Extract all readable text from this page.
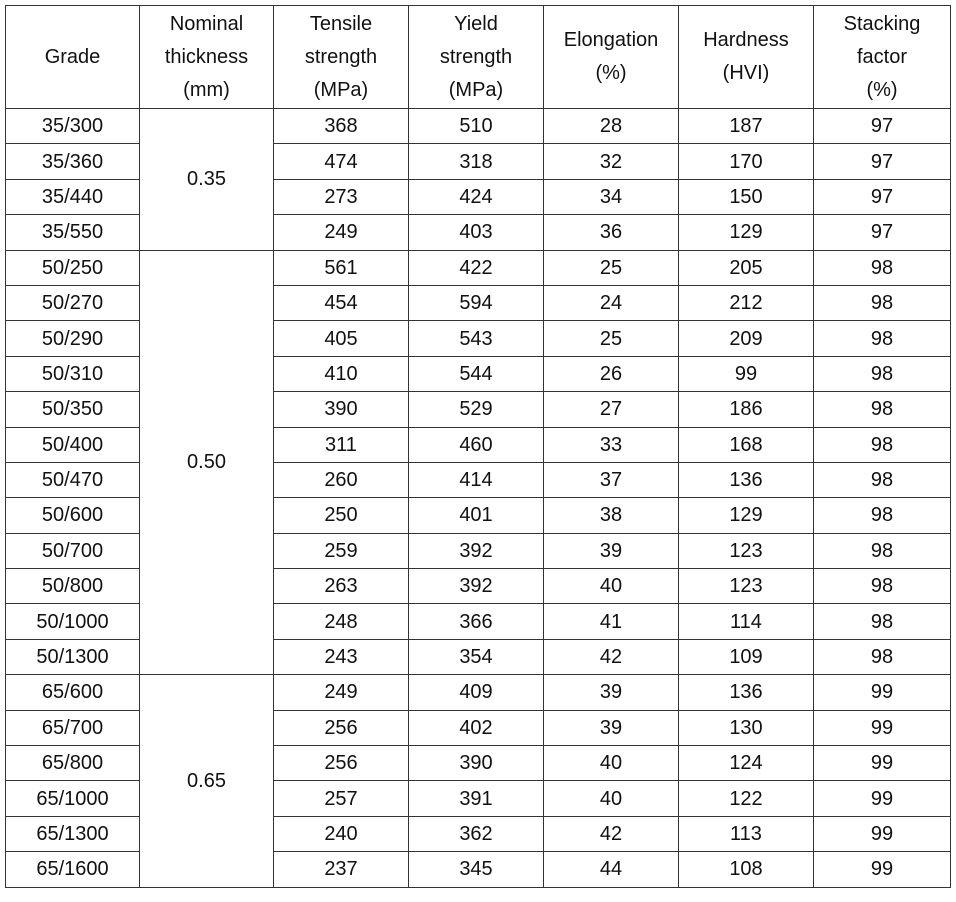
Grade	Nominal
thickness
(mm)	Tensile
strength
(MPa)	Yield
strength
(MPa)	Elongation
(%)	Hardness
(HVI)	Stacking
factor
(%)

35/300	0.35	368	510	28	187	97
35/360		474	318	32	170	97
35/440		273	424	34	150	97
35/550		249	403	36	129	97
50/250	0.50	561	422	25	205	98
50/270		454	594	24	212	98
50/290		405	543	25	209	98
50/310		410	544	26	99	98
50/350		390	529	27	186	98
50/400		311	460	33	168	98
50/470		260	414	37	136	98
50/600		250	401	38	129	98
50/700		259	392	39	123	98
50/800		263	392	40	123	98
50/1000		248	366	41	114	98
50/1300		243	354	42	109	98
65/600	0.65	249	409	39	136	99
65/700		256	402	39	130	99
65/800		256	390	40	124	99
65/1000		257	391	40	122	99
65/1300		240	362	42	113	99
65/1600		237	345	44	108	99
